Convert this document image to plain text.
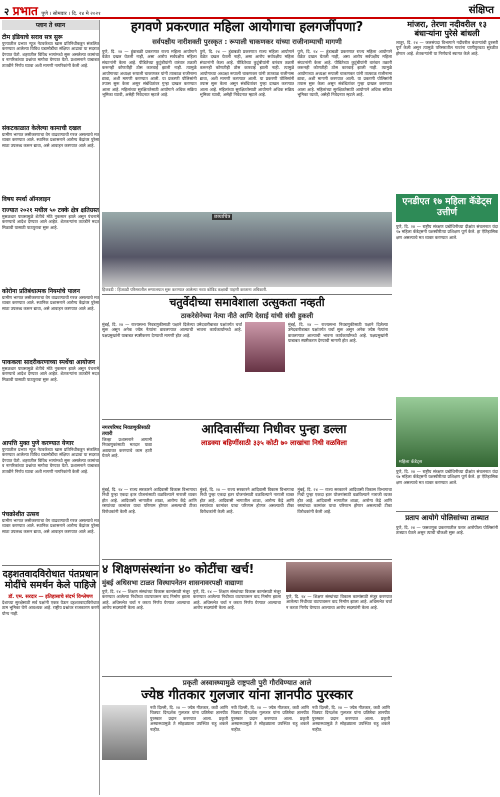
२ प्रभात पुणे । सोमवार । दि. २४ मे २०२१	संक्षिप्त
प्लान ते ध्यान
टीम इंडियाचे सराव सत्र सुरू
पुण्यातील प्रभात न्यूज नेटवर्कच्या खास प्रतिनिधीकडून संकलित करण्यात आलेल्या विविध घडामोडींचा संक्षिप्त आढावा या सदरात देण्यात येतो. शहरातील विविध भागांमध्ये सुरू असलेल्या कामांचा व नागरिकांच्या प्रश्नांचा मागोवा घेण्यात येतो. प्रशासनाने याबाबत तातडीने निर्णय घ्यावा अशी मागणी नागरिकांनी केली आहे.
संकटकाळात केलेल्या कामाची दखल
ग्रामीण भागात लसीकरणाचा वेग वाढवण्याची गरज असल्याचे मत व्यक्त करण्यात आले. स्थानिक प्रशासनाने आरोग्य केंद्रांवर पुरेसा साठा उपलब्ध करून द्यावा, असे आवाहन करण्यात आले आहे.
विषय स्पर्धा ऑनलाइन
राज्यात २०२१ मधील ५० टक्के क्षेत्र क्षतिग्रस्त
मुसळधार पावसामुळे शेतीचे मोठे नुकसान झाले असून पंचनामे करण्याचे आदेश देण्यात आले आहेत. शेतकऱ्यांना तातडीने मदत मिळावी यासाठी पाठपुरावा सुरू आहे.
कोरोना प्रतिबंधात्मक नियमांचे पालन
ग्रामीण भागात लसीकरणाचा वेग वाढवण्याची गरज असल्याचे मत व्यक्त करण्यात आले. स्थानिक प्रशासनाने आरोग्य केंद्रांवर पुरेसा साठा उपलब्ध करून द्यावा, असे आवाहन करण्यात आले आहे.
पाककला सादरीकरणाच्या स्पर्धेचा आयोजन
मुसळधार पावसामुळे शेतीचे मोठे नुकसान झाले असून पंचनामे करण्याचे आदेश देण्यात आले आहेत. शेतकऱ्यांना तातडीने मदत मिळावी यासाठी पाठपुरावा सुरू आहे.
आपत्ति मुक्त पुणे करण्यात येणार
पुण्यातील प्रभात न्यूज नेटवर्कच्या खास प्रतिनिधीकडून संकलित करण्यात आलेल्या विविध घडामोडींचा संक्षिप्त आढावा या सदरात देण्यात येतो. शहरातील विविध भागांमध्ये सुरू असलेल्या कामांचा व नागरिकांच्या प्रश्नांचा मागोवा घेण्यात येतो. प्रशासनाने याबाबत तातडीने निर्णय घ्यावा अशी मागणी नागरिकांनी केली आहे.
पंचक्रोशीत उत्सव
ग्रामीण भागात लसीकरणाचा वेग वाढवण्याची गरज असल्याचे मत व्यक्त करण्यात आले. स्थानिक प्रशासनाने आरोग्य केंद्रांवर पुरेसा साठा उपलब्ध करून द्यावा, असे आवाहन करण्यात आले आहे.
दहशतवादविरोधात पंतप्रधान मोदींचे समर्थन केले पाहिजे
डॉ. एम. सरदार — इतिहासाचे संदर्भ विश्लेषण
देशाच्या सुरक्षेसाठी सर्व पक्षांनी एकत्र येऊन दहशतवादाविरोधात ठाम भूमिका घेणे आवश्यक आहे. राष्ट्रीय प्रश्नांवर राजकारण करणे योग्य नाही.
हगवणे प्रकरणात महिला आयोगाचा हलगर्जीपणा?
सर्वपक्षीय नारीशक्ती पुरस्कृत : रूपाली चाकणकर यांच्या राजीनाम्याची मागणी
पुणे, दि. २४ — हुंडाबळी प्रकरणात राज्य महिला आयोगाने वेळेत दखल घेतली नाही, असा आरोप सर्वपक्षीय महिला संघटनांनी केला आहे. पीडितेच्या कुटुंबीयांनी वारंवार तक्रारी करूनही कोणतीही ठोस कारवाई झाली नाही. त्यामुळे आयोगाच्या अध्यक्षा रूपाली चाकणकर यांनी तात्काळ राजीनामा द्यावा, अशी मागणी करण्यात आली. या प्रकरणी पोलिसांनी तपास सुरू केला असून संबंधितांवर गुन्हा दाखल करण्यात आला आहे. महिलांच्या सुरक्षिततेसाठी आयोगाने अधिक सक्रिय भूमिका घ्यावी, असेही निवेदनात म्हटले आहे.
पुणे, दि. २४ — हुंडाबळी प्रकरणात राज्य महिला आयोगाने वेळेत दखल घेतली नाही, असा आरोप सर्वपक्षीय महिला संघटनांनी केला आहे. पीडितेच्या कुटुंबीयांनी वारंवार तक्रारी करूनही कोणतीही ठोस कारवाई झाली नाही. त्यामुळे आयोगाच्या अध्यक्षा रूपाली चाकणकर यांनी तात्काळ राजीनामा द्यावा, अशी मागणी करण्यात आली. या प्रकरणी पोलिसांनी तपास सुरू केला असून संबंधितांवर गुन्हा दाखल करण्यात आला आहे. महिलांच्या सुरक्षिततेसाठी आयोगाने अधिक सक्रिय भूमिका घ्यावी, असेही निवेदनात म्हटले आहे.
पुणे, दि. २४ — हुंडाबळी प्रकरणात राज्य महिला आयोगाने वेळेत दखल घेतली नाही, असा आरोप सर्वपक्षीय महिला संघटनांनी केला आहे. पीडितेच्या कुटुंबीयांनी वारंवार तक्रारी करूनही कोणतीही ठोस कारवाई झाली नाही. त्यामुळे आयोगाच्या अध्यक्षा रूपाली चाकणकर यांनी तात्काळ राजीनामा द्यावा, अशी मागणी करण्यात आली. या प्रकरणी पोलिसांनी तपास सुरू केला असून संबंधितांवर गुन्हा दाखल करण्यात आला आहे. महिलांच्या सुरक्षिततेसाठी आयोगाने अधिक सक्रिय भूमिका घ्यावी, असेही निवेदनात म्हटले आहे.
छायाचित्र
हिंजवडी : हिंजवडी परिसरातील रुग्णालयात सुरू करण्यात आलेल्या नव्या कोविड कक्षाची पाहणी करताना अधिकारी.
चतुर्वेदीच्या समावेशाला उत्सुकता नव्हती
ठाकरेसेनेच्या नेत्या नीते आणि देसाई यांची संधी हुकली
मुंबई, दि. २४ — राज्यसभा निवडणुकीसाठी पक्षाने दिलेल्या उमेदवारीबाबत पक्षांतर्गत चर्चा सुरू असून अनेक ज्येष्ठ नेत्यांना डावलण्यात आल्याची भावना कार्यकर्त्यांमध्ये आहे. पक्षप्रमुखांनी याबाबत स्पष्टीकरण देण्याची मागणी होत आहे.
मुंबई, दि. २४ — राज्यसभा निवडणुकीसाठी पक्षाने दिलेल्या उमेदवारीबाबत पक्षांतर्गत चर्चा सुरू असून अनेक ज्येष्ठ नेत्यांना डावलण्यात आल्याची भावना कार्यकर्त्यांमध्ये आहे. पक्षप्रमुखांनी याबाबत स्पष्टीकरण देण्याची मागणी होत आहे.
नगरपरिषद निवडणुकीसाठी तयारी
जिल्हा प्रशासनाने आगामी निवडणुकांसाठी मतदार याद्या अद्ययावत करण्याचे काम हाती घेतले आहे.
आदिवासींच्या निधीवर पुन्हा डल्ला
लाडक्या बहिणींसाठी ३३५ कोटी ७० लाखांचा निधी वळविला
मुंबई, दि. २४ — राज्य सरकारने आदिवासी विकास विभागाचा निधी पुन्हा एकदा इतर योजनांसाठी वळविल्याने नाराजी व्यक्त होत आहे. आदिवासी भागातील शाळा, आरोग्य केंद्रे आणि रस्त्यांच्या कामांवर याचा परिणाम होणार असल्याची टीका विरोधकांनी केली आहे.
मुंबई, दि. २४ — राज्य सरकारने आदिवासी विकास विभागाचा निधी पुन्हा एकदा इतर योजनांसाठी वळविल्याने नाराजी व्यक्त होत आहे. आदिवासी भागातील शाळा, आरोग्य केंद्रे आणि रस्त्यांच्या कामांवर याचा परिणाम होणार असल्याची टीका विरोधकांनी केली आहे.
मुंबई, दि. २४ — राज्य सरकारने आदिवासी विकास विभागाचा निधी पुन्हा एकदा इतर योजनांसाठी वळविल्याने नाराजी व्यक्त होत आहे. आदिवासी भागातील शाळा, आरोग्य केंद्रे आणि रस्त्यांच्या कामांवर याचा परिणाम होणार असल्याची टीका विरोधकांनी केली आहे.
४ शिक्षणसंस्थांना ४० कोटींचा खर्च!
मुंबई अधिसभा टाळत विस्थापनेतन शासनावरपक्षी वाद्याणा
पुणे, दि. २४ — शिक्षण संस्थांच्या विकास कामांसाठी मंजूर करण्यात आलेल्या निधीच्या वाटपावरून वाद निर्माण झाला आहे. अधिसभेत चर्चा न करता निर्णय घेण्यात आल्याचा आरोप सदस्यांनी केला आहे.
पुणे, दि. २४ — शिक्षण संस्थांच्या विकास कामांसाठी मंजूर करण्यात आलेल्या निधीच्या वाटपावरून वाद निर्माण झाला आहे. अधिसभेत चर्चा न करता निर्णय घेण्यात आल्याचा आरोप सदस्यांनी केला आहे.
पुणे, दि. २४ — शिक्षण संस्थांच्या विकास कामांसाठी मंजूर करण्यात आलेल्या निधीच्या वाटपावरून वाद निर्माण झाला आहे. अधिसभेत चर्चा न करता निर्णय घेण्यात आल्याचा आरोप सदस्यांनी केला आहे.
प्रकृती अस्वास्थ्यामुळे राष्ट्रपती पुरी गौरविण्यात आले
ज्येष्ठ गीतकार गुलजार यांना ज्ञानपीठ पुरस्कार
नवी दिल्ली, दि. २४ — ज्येष्ठ गीतकार, कवी आणि चित्रपट दिग्दर्शक गुलजार यांना प्रतिष्ठेचा ज्ञानपीठ पुरस्कार प्रदान करण्यात आला. प्रकृती अस्वास्थ्यामुळे ते सोहळ्याला उपस्थित राहू शकले नाहीत.
नवी दिल्ली, दि. २४ — ज्येष्ठ गीतकार, कवी आणि चित्रपट दिग्दर्शक गुलजार यांना प्रतिष्ठेचा ज्ञानपीठ पुरस्कार प्रदान करण्यात आला. प्रकृती अस्वास्थ्यामुळे ते सोहळ्याला उपस्थित राहू शकले नाहीत.
नवी दिल्ली, दि. २४ — ज्येष्ठ गीतकार, कवी आणि चित्रपट दिग्दर्शक गुलजार यांना प्रतिष्ठेचा ज्ञानपीठ पुरस्कार प्रदान करण्यात आला. प्रकृती अस्वास्थ्यामुळे ते सोहळ्याला उपस्थित राहू शकले नाहीत.
मांजरा, तेरणा नदीवरील १३ बंधाऱ्यांना पुरेसे बांधली
लातूर, दि. २४ — जलसंपदा विभागाने नदीवरील बंधाऱ्यांची दुरुस्ती पूर्ण केली असून त्यामुळे परिसरातील गावांना पाणीपुरवठा सुरळीत होणार आहे. शेतकऱ्यांनी या निर्णयाचे स्वागत केले आहे.
एनडीएत १७ महिला कॅडेट्स उत्तीर्ण
पुणे, दि. २४ — राष्ट्रीय संरक्षण प्रबोधिनीच्या दीक्षांत संचलनात यंदा १७ महिला कॅडेट्सनी यशस्वीरीत्या प्रशिक्षण पूर्ण केले. हा ऐतिहासिक क्षण असल्याचे मत व्यक्त करण्यात आले.
महिला कॅडेट्स
पुणे, दि. २४ — राष्ट्रीय संरक्षण प्रबोधिनीच्या दीक्षांत संचलनात यंदा १७ महिला कॅडेट्सनी यशस्वीरीत्या प्रशिक्षण पूर्ण केले. हा ऐतिहासिक क्षण असल्याचे मत व्यक्त करण्यात आले.
प्रताप आयोगे पोलिसांच्या ताब्यात
पुणे, दि. २४ — फसवणूक प्रकरणातील फरार आरोपीला पोलिसांनी ताब्यात घेतले असून त्याची चौकशी सुरू आहे.
